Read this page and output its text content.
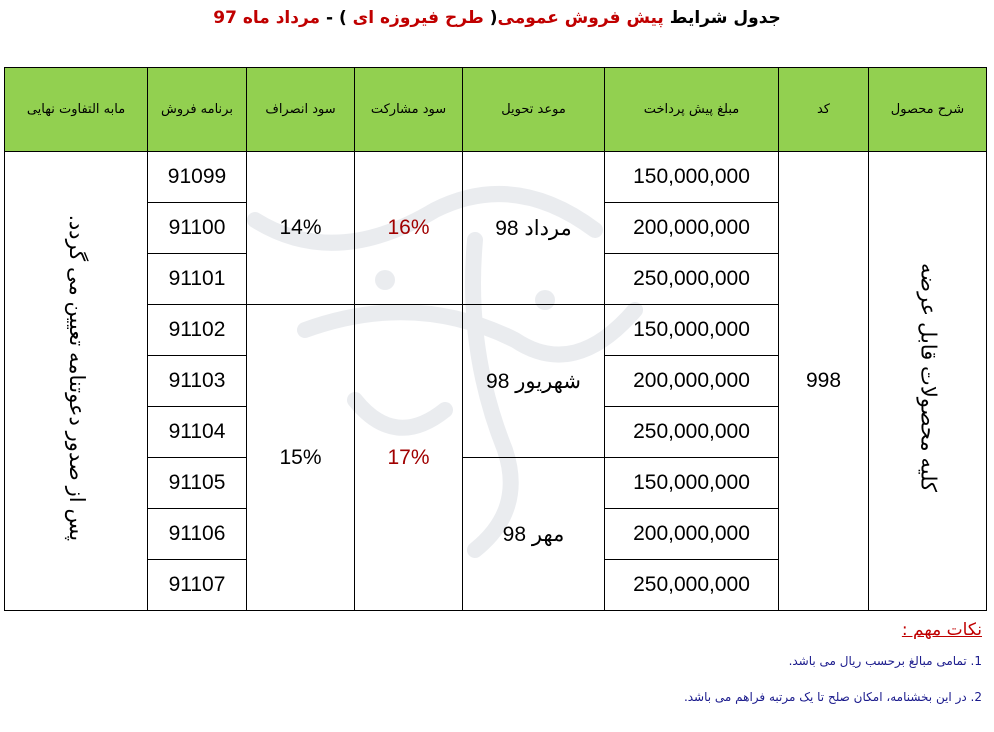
جدول شرایط پیش فروش عمومی( طرح فیروزه ای ) - مرداد ماه 97
شرح محصول	کد	مبلغ پیش پرداخت	موعد تحویل	سود مشارکت	سود انصراف	برنامه فروش	مابه التفاوت نهایی
کلیه محصولات قابل عرضه	998	150,000,000	مرداد 98	16%	14%	91099	پس از صدور دعوتنامه تعیین می گردد.
		200,000,000				91100	
		250,000,000				91101	
		150,000,000	شهریور 98	17%	15%	91102	
		200,000,000				91103	
		250,000,000				91104	
		150,000,000	مهر 98			91105	
		200,000,000				91106	
		250,000,000				91107	
نکات مهم :
1. تمامی مبالغ برحسب ریال می باشد.
2. در این بخشنامه، امکان صلح تا یک مرتبه فراهم می باشد.
